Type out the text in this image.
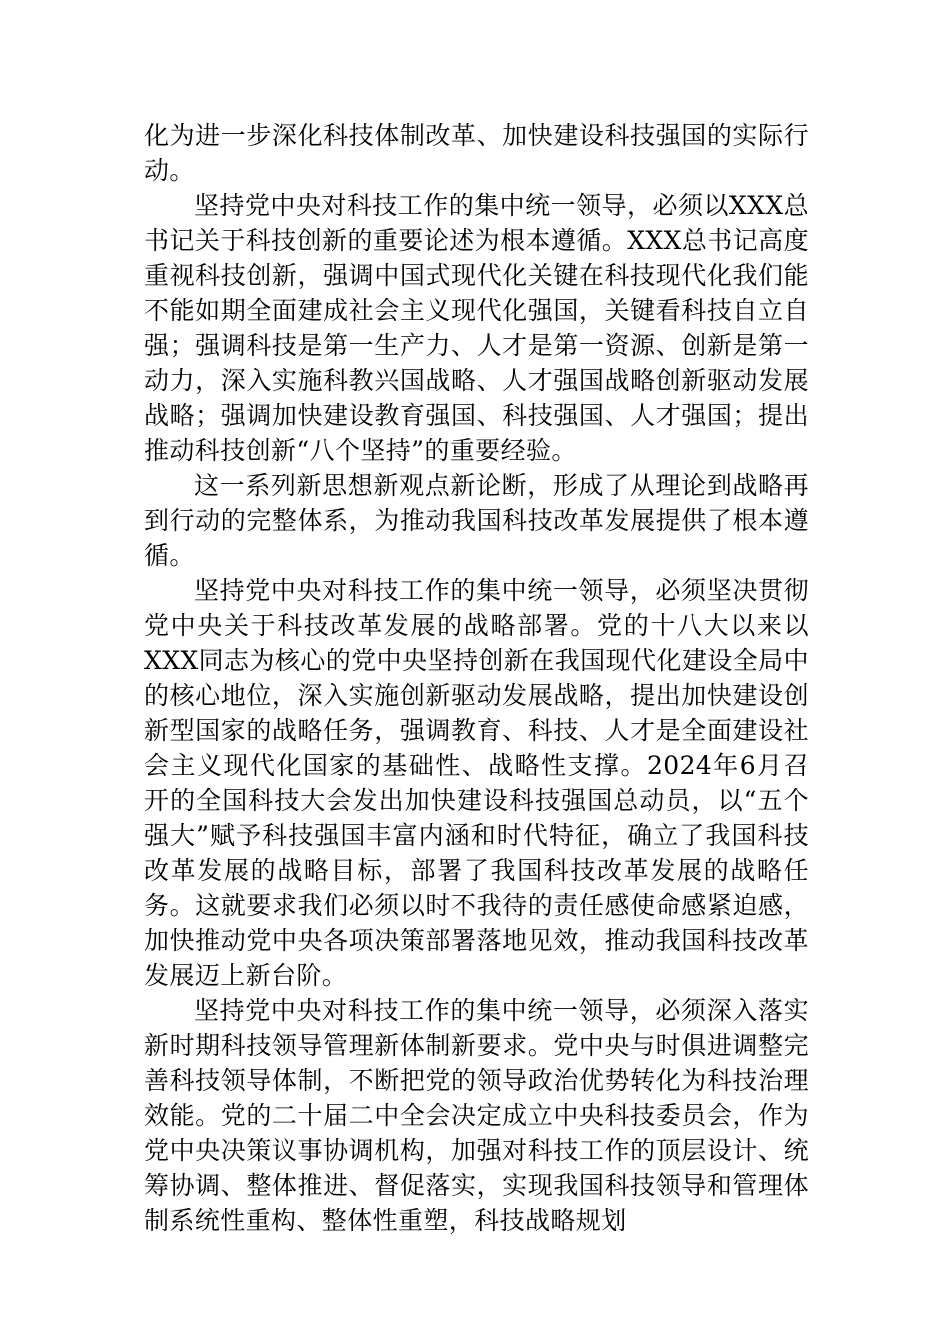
化为进一步深化科技体制改革、加快建设科技强国的实际行动。

坚持党中央对科技工作的集中统一领导，必须以XXX总书记关于科技创新的重要论述为根本遵循。XXX总书记高度重视科技创新，强调中国式现代化关键在科技现代化我们能不能如期全面建成社会主义现代化强国，关键看科技自立自强；强调科技是第一生产力、人才是第一资源、创新是第一动力，深入实施科教兴国战略、人才强国战略创新驱动发展战略；强调加快建设教育强国、科技强国、人才强国；提出推动科技创新“八个坚持”的重要经验。

这一系列新思想新观点新论断，形成了从理论到战略再到行动的完整体系，为推动我国科技改革发展提供了根本遵循。

坚持党中央对科技工作的集中统一领导，必须坚决贯彻党中央关于科技改革发展的战略部署。党的十八大以来以XXX同志为核心的党中央坚持创新在我国现代化建设全局中的核心地位，深入实施创新驱动发展战略，提出加快建设创新型国家的战略任务，强调教育、科技、人才是全面建设社会主义现代化国家的基础性、战略性支撑。2024年6月召开的全国科技大会发出加快建设科技强国总动员，以“五个强大”赋予科技强国丰富内涵和时代特征，确立了我国科技改革发展的战略目标，部署了我国科技改革发展的战略任务。这就要求我们必须以时不我待的责任感使命感紧迫感，加快推动党中央各项决策部署落地见效，推动我国科技改革发展迈上新台阶。

坚持党中央对科技工作的集中统一领导，必须深入落实新时期科技领导管理新体制新要求。党中央与时俱进调整完善科技领导体制，不断把党的领导政治优势转化为科技治理效能。党的二十届二中全会决定成立中央科技委员会，作为党中央决策议事协调机构，加强对科技工作的顶层设计、统筹协调、整体推进、督促落实，实现我国科技领导和管理体制系统性重构、整体性重塑，科技战略规划
